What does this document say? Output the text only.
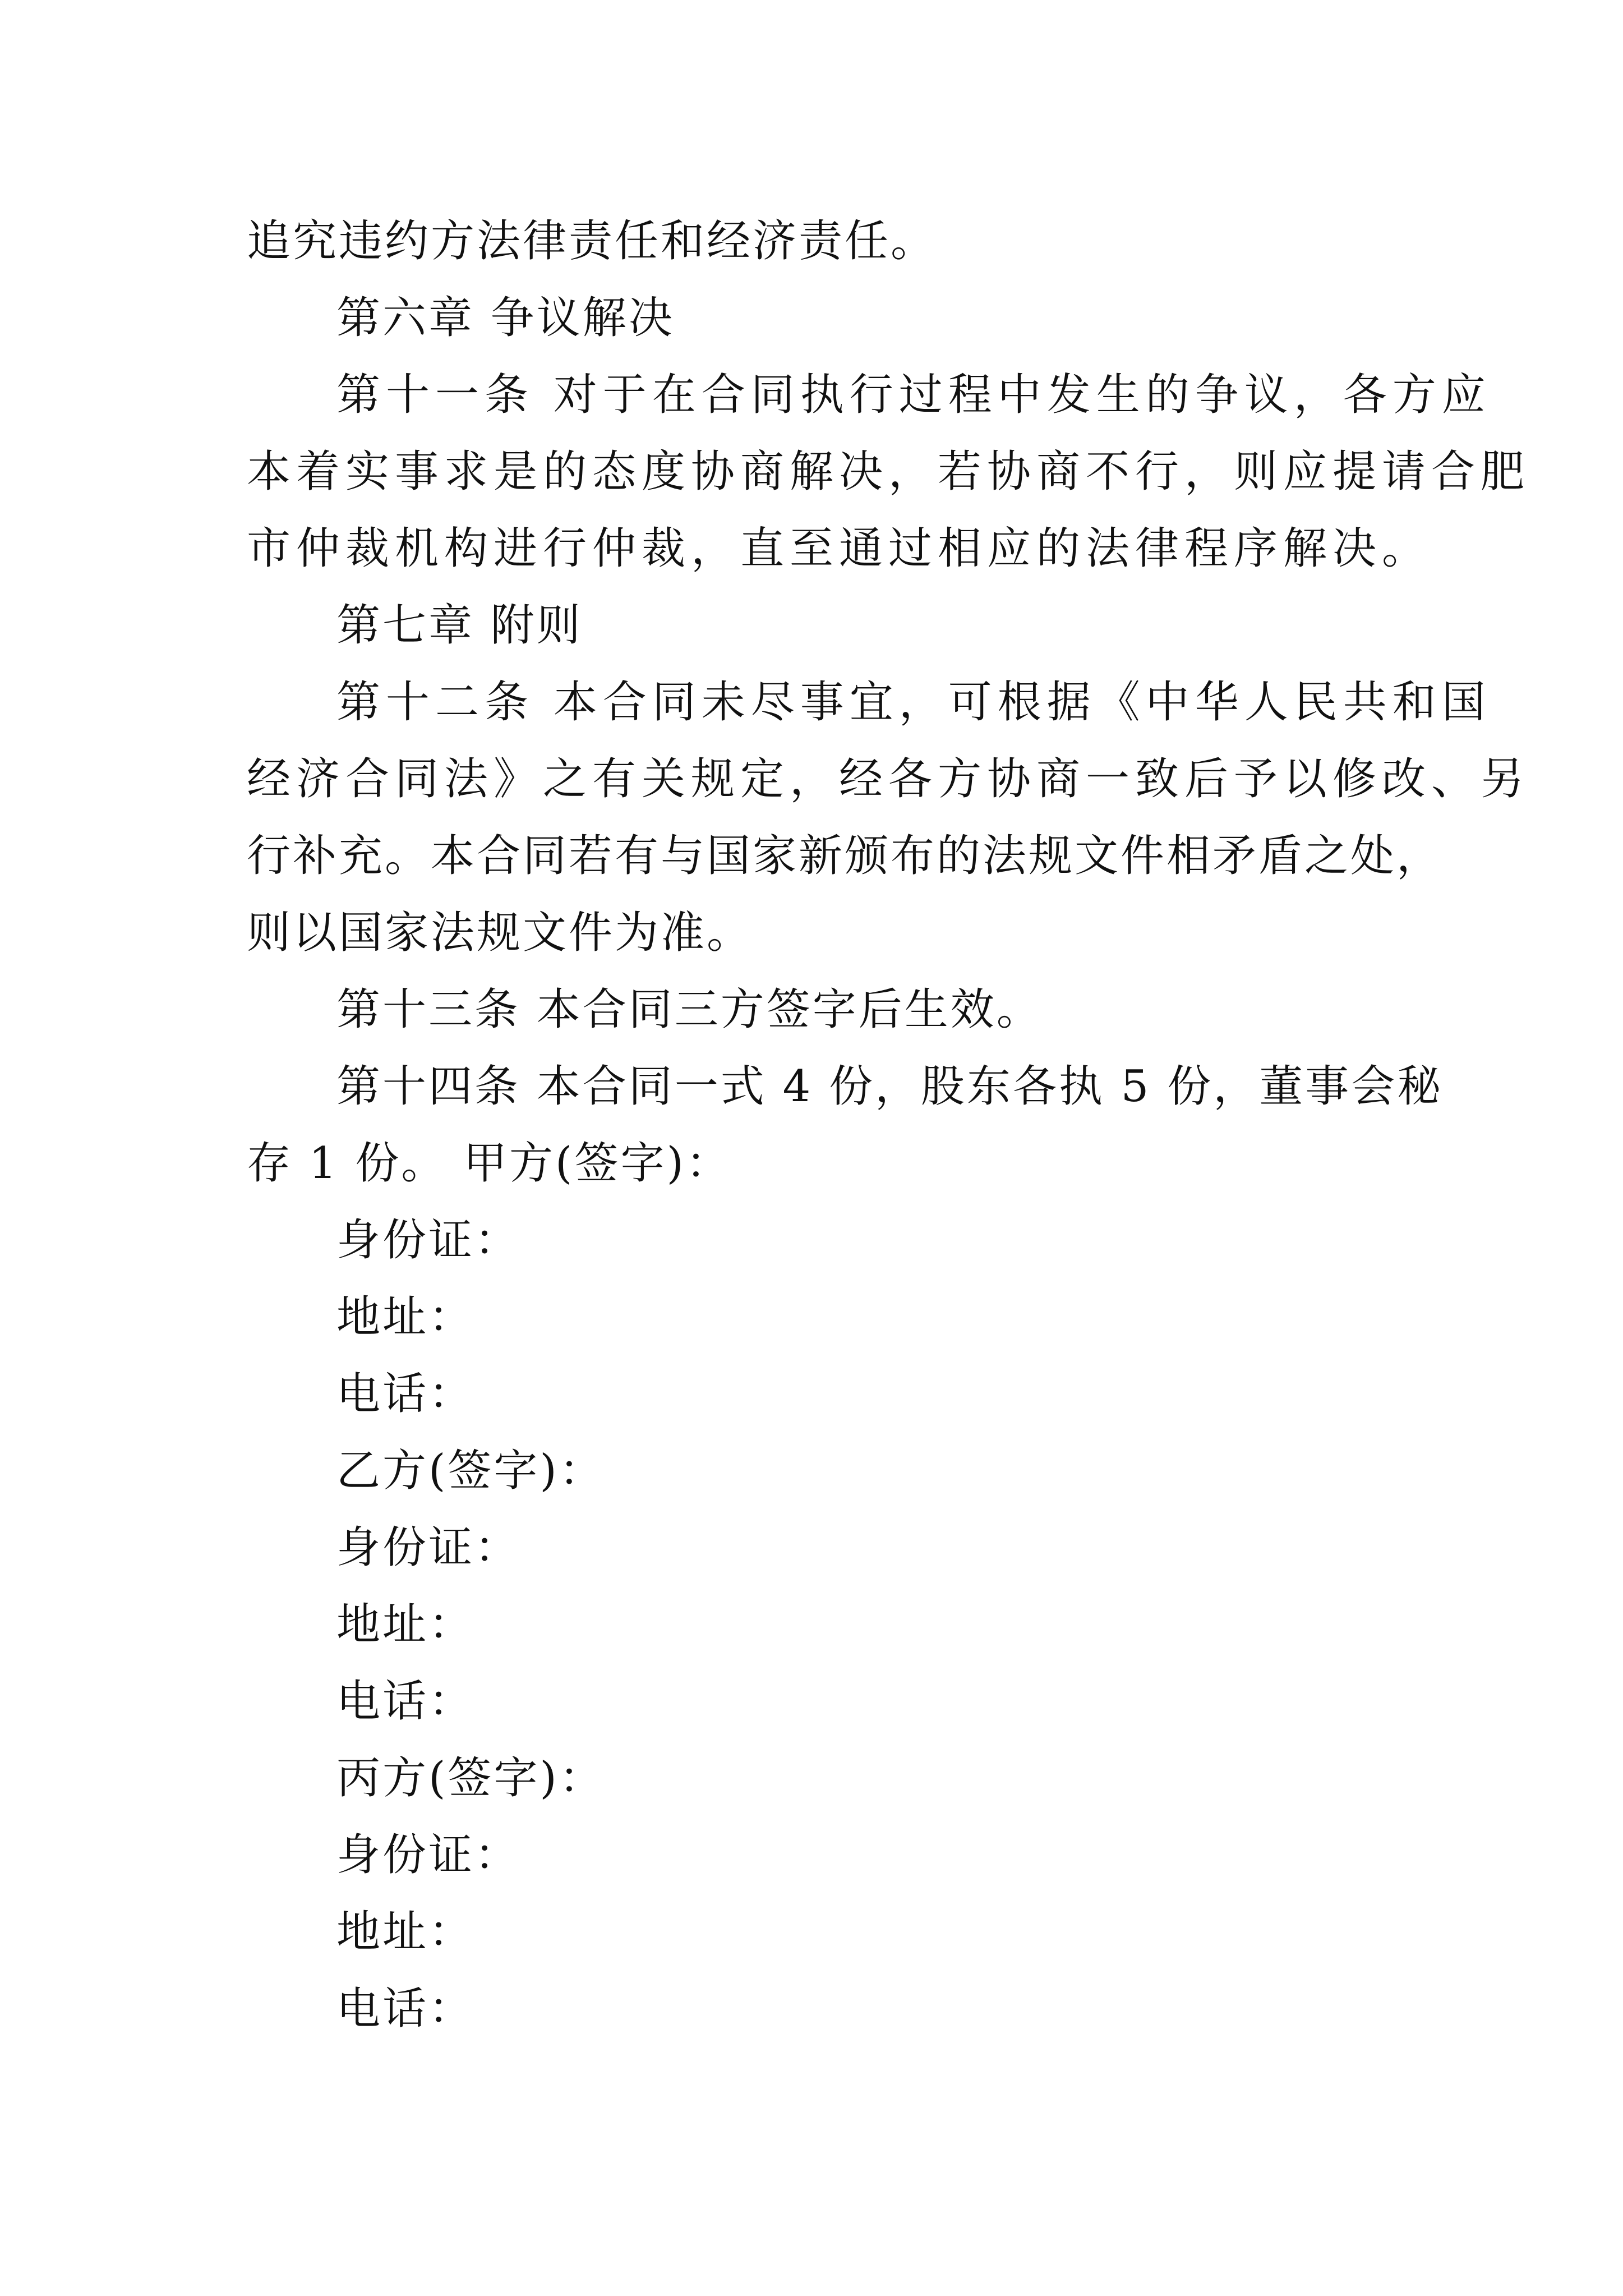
追究违约方法律责任和经济责任。
第六章 争议解决
第十一条 对于在合同执行过程中发生的争议，各方应
本着实事求是的态度协商解决，若协商不行，则应提请合肥
市仲裁机构进行仲裁，直至通过相应的法律程序解决。
第七章 附则
第十二条 本合同未尽事宜，可根据《中华人民共和国
经济合同法》之有关规定，经各方协商一致后予以修改、另
行补充。本合同若有与国家新颁布的法规文件相矛盾之处，
则以国家法规文件为准。
第十三条 本合同三方签字后生效。
第十四条 本合同一式 4 份，股东各执 5 份，董事会秘
存 1 份。 甲方(签字)：
身份证：
地址：
电话：
乙方(签字)：
身份证：
地址：
电话：
丙方(签字)：
身份证：
地址：
电话：
